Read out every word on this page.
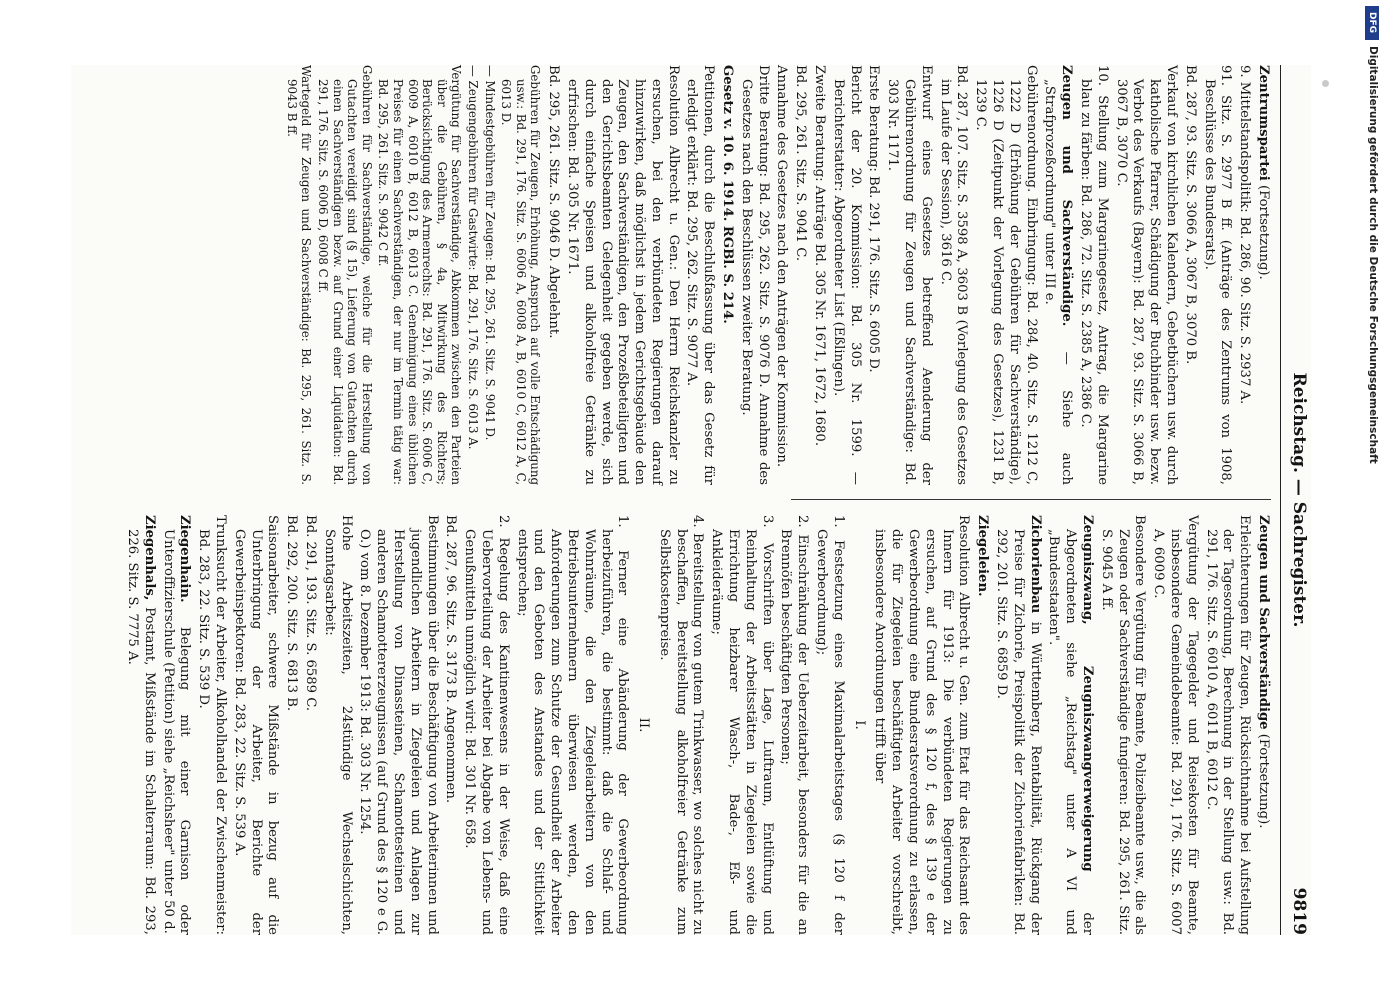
9819
Reichstag. — Sachregister.

Zentrumspartei (Fortsetzung).

9. Mittelstandspolitik: Bd. 286, 90. Sitz. S. 2937 A.

91. Sitz. S. 2977 B ff. (Anträge des Zentrums von 1908, Beschlüsse des Bundesrats).

Bd. 287, 93. Sitz. S. 3066 A, 3067 B, 3070 B.

Verkauf von kirchlichen Kalendern, Gebetbüchern usw. durch katholische Pfarrer, Schädigung der Buchbinder usw. bezw. Verbot des Verkaufs (Bayern): Bd. 287, 93. Sitz. S. 3066 B, 3067 B, 3070 C.

10. Stellung zum Margarinegesetz, Antrag, die Margarine blau zu färben: Bd. 286, 72. Sitz. S. 2385 A, 2386 C.

Zeugen und Sachverständige. — Siehe auch „Strafprozeßordnung" unter III e.

Gebührenordnung. Einbringung: Bd. 284, 40. Sitz. S. 1212 C, 1222 D (Erhöhung der Gebühren für Sachverständige), 1226 D (Zeitpunkt der Vorlegung des Gesetzes), 1231 B, 1239 C.

Bd. 287, 107. Sitz. S. 3598 A, 3603 B (Vorlegung des Gesetzes im Laufe der Session), 3616 C.

Entwurf eines Gesetzes betreffend Aenderung der Gebührenordnung für Zeugen und Sachverständige: Bd. 303 Nr. 1171.

Erste Beratung: Bd. 291, 176. Sitz. S. 6005 D.

Bericht der 20. Kommission: Bd. 305 Nr. 1599. — Berichterstatter: Abgeordneter List (Eßlingen).

Zweite Beratung: Anträge Bd. 305 Nr. 1671, 1672, 1680.

Bd. 295, 261. Sitz. S. 9041 C.

Annahme des Gesetzes nach den Anträgen der Kommission.

Dritte Beratung: Bd. 295, 262. Sitz. S. 9076 D. Annahme des Gesetzes nach den Beschlüssen zweiter Beratung.

Gesetz v. 10. 6. 1914. RGBl. S. 214.

Petitionen, durch die Beschlußfassung über das Gesetz für erledigt erklärt: Bd. 295, 262. Sitz. S. 9077 A.

Resolution Albrecht u. Gen.: Den Herrn Reichskanzler zu ersuchen, bei den verbündeten Regierungen darauf hinzuwirken, daß möglichst in jedem Gerichtsgebäude den Zeugen, den Sachverständigen, den Prozeßbeteiligten und den Gerichtsbeamten Gelegenheit gegeben werde, sich durch einfache Speisen und alkoholfreie Getränke zu erfrischen: Bd. 305 Nr. 1671.

Bd. 295, 261. Sitz. S. 9046 D. Abgelehnt.

Gebühren für Zeugen, Erhöhung, Anspruch auf volle Entschädigung usw.: Bd. 291, 176. Sitz. S. 6006 A, 6008 A, B, 6010 C, 6012 A, C, 6013 D.

— Mindestgebühren für Zeugen: Bd. 295, 261. Sitz. S. 9041 D.

— Zeugengebühren für Gastwirte: Bd. 291, 176. Sitz. S. 6013 A.

Vergütung für Sachverständige, Abkommen zwischen den Parteien über die Gebühren, § 4a, Mitwirkung des Richters; Berücksichtigung des Armenrechts: Bd. 291, 176. Sitz. S. 6006 C, 6009 A, 6010 B, 6012 B, 6013 C. Genehmigung eines üblichen Preises für einen Sachverständigen, der nur im Termin tätig war: Bd. 295, 261. Sitz. S. 9042 C ff.

Gebühren für Sachverständige, welche für die Herstellung von Gutachten vereidigt sind (§ 15), Lieferung von Gutachten durch einen Sachverständigen bezw. auf Grund einer Liquidation: Bd. 291, 176. Sitz. S. 6006 D, 6008 C ff.

Wartegeld für Zeugen und Sachverständige: Bd. 295, 261. Sitz. S. 9043 B ff.

Zeugen und Sachverständige (Fortsetzung).

Erleichterungen für Zeugen, Rücksichtnahme bei Aufstellung der Tagesordnung, Berechnung in der Stellung usw.: Bd. 291, 176. Sitz. S. 6010 A, 6011 B, 6012 C.

Vergütung der Tagegelder und Reisekosten für Beamte, insbesondere Gemeindebeamte: Bd. 291, 176. Sitz. S. 6007 A, 6009 C.

Besondere Vergütung für Beamte, Polizeibeamte usw., die als Zeugen oder Sachverständige fungieren: Bd. 295, 261. Sitz. S. 9045 A ff.

Zeugniszwang, Zeugniszwangverweigerung der Abgeordneten siehe „Reichstag" unter A VI und „Bundesstaaten".

Zichorienbau in Württemberg, Rentabilität, Rückgang der Preise für Zichorie, Preispolitik der Zichorienfabriken: Bd. 292, 201. Sitz. S. 6859 D.

Ziegeleien.

Resolution Albrecht u. Gen. zum Etat für das Reichsamt des Innern für 1913: Die verbündeten Regierungen zu ersuchen, auf Grund des § 120 f, des § 139 e der Gewerbeordnung eine Bundesratsverordnung zu erlassen, die für Ziegeleien beschäftigten Arbeiter vorschreibt, insbesondere Anordnungen trifft über

I.

1. Festsetzung eines Maximalarbeitstages (§ 120 f der Gewerbeordnung);

2. Einschränkung der Ueberzeitarbeit, besonders für die an Brennöfen beschäftigten Personen;

3. Vorschriften über Lage, Luftraum, Entlüftung und Reinhaltung der Arbeitsstätten in Ziegeleien sowie die Errichtung heizbarer Wasch-, Bade-, Eß- und Ankleideräume;

4. Bereitstellung von gutem Trinkwasser, wo solches nicht zu beschaffen, Bereitstellung alkoholfreier Getränke zum Selbstkostenpreise.

II.

1. Ferner eine Abänderung der Gewerbeordnung herbeizuführen, die bestimmt: daß die Schlaf- und Wohnräume, die den Ziegeleiarbeitern von den Betriebsunternehmern überwiesen werden, den Anforderungen zum Schutze der Gesundheit der Arbeiter und den Geboten des Anstandes und der Sittlichkeit entsprechen;

2. Regelung des Kantinenwesens in der Weise, daß eine Uebervorteilung der Arbeiter bei Abgabe von Lebens- und Genußmitteln unmöglich wird: Bd. 301 Nr. 658.

Bd. 287, 96. Sitz. S. 3173 B. Angenommen.

Bestimmungen über die Beschäftigung von Arbeiterinnen und jugendlichen Arbeitern in Ziegeleien und Anlagen zur Herstellung von Dinassteinen, Schamottesteinen und anderen Schamottererzeugnissen (auf Grund des § 120 e G. O.) vom 8. Dezember 1913: Bd. 303 Nr. 1254.

Hohe Arbeitszeiten, 24stündige Wechselschichten, Sonntagsarbeit:

Bd. 291, 193. Sitz. S. 6589 C.

Bd. 292, 200. Sitz. S. 6813 B.

Saisonarbeiter, schwere Mißstände in bezug auf die Unterbringung der Arbeiter, Berichte der Gewerbeinspektoren: Bd. 283, 22. Sitz. S. 539 A.

Trunksucht der Arbeiter, Alkoholhandel der Zwischenmeister: Bd. 283, 22. Sitz. S. 539 D.

Ziegenhain. Belegung mit einer Garnison oder Unteroffizierschule (Petition) siehe „Reichsheer" unter 50 d.

Ziegenhals, Postamt, Mißstände im Schalterraum: Bd. 293, 226. Sitz. S. 7775 A.

DFG
Digitalisierung gefördert durch die Deutsche Forschungsgemeinschaft
